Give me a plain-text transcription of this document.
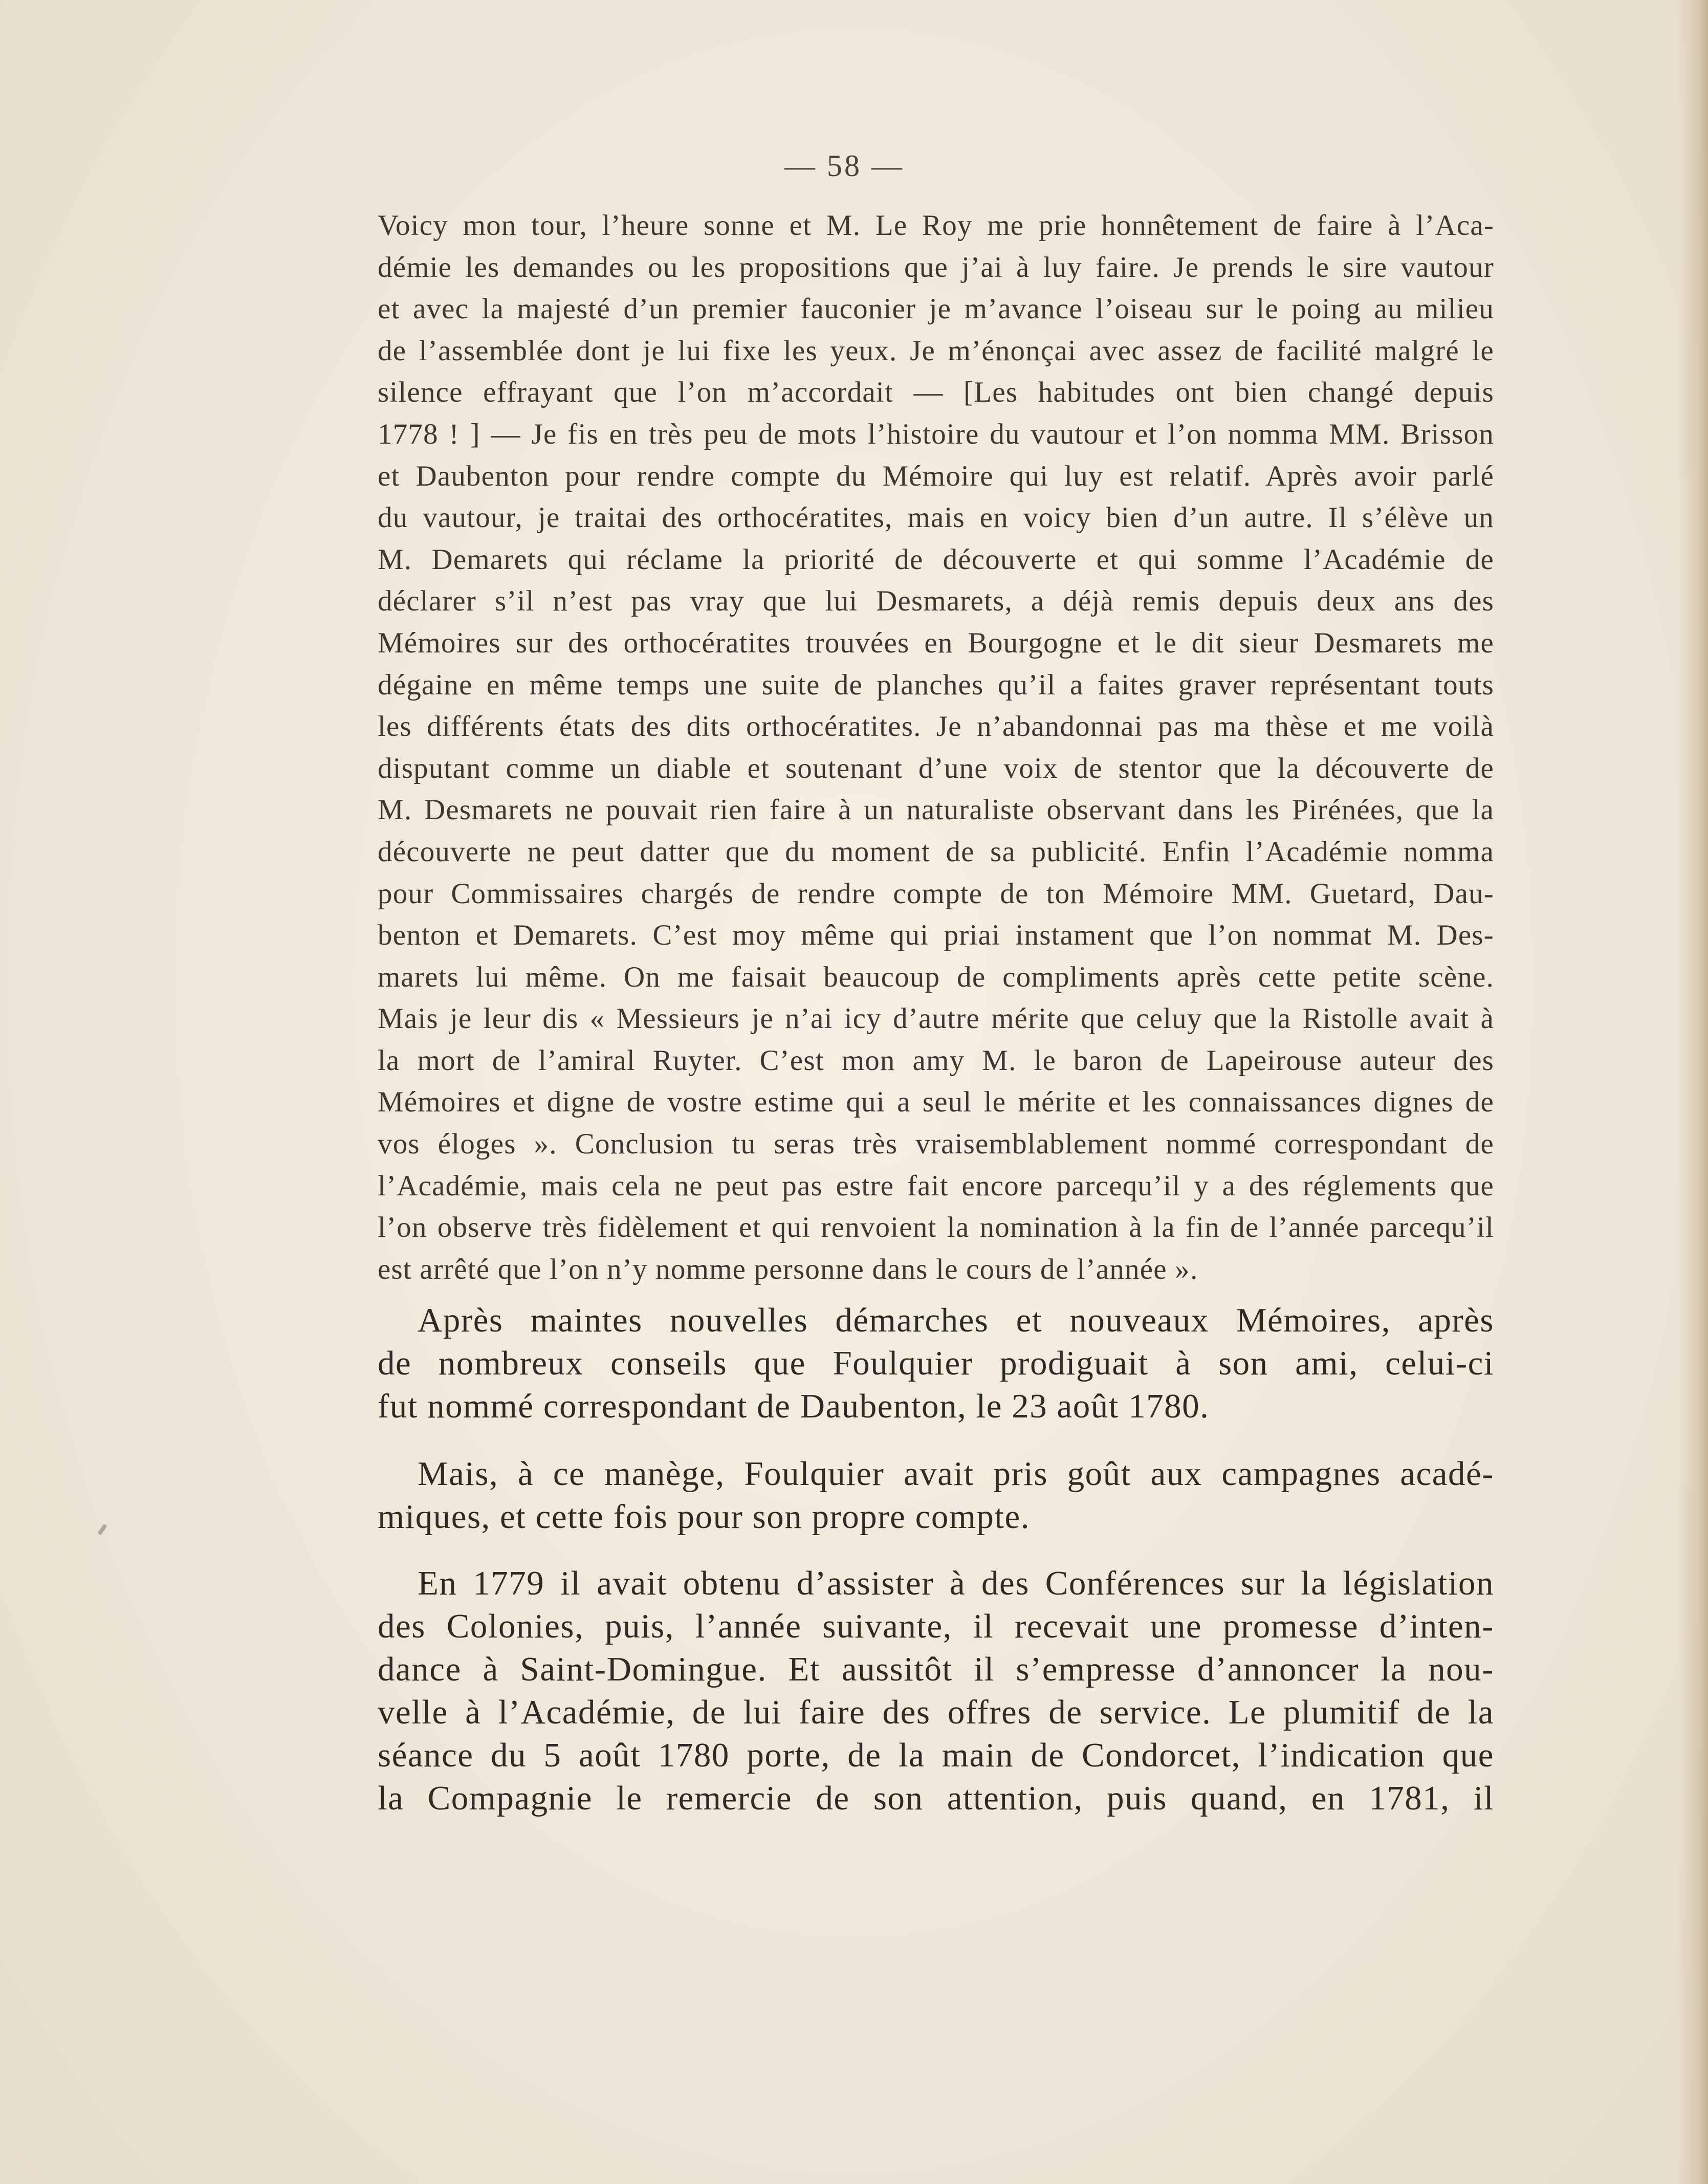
— 58 —
Voicy mon tour, l’heure sonne et M. Le Roy me prie honnêtement de faire à l’Aca-
démie les demandes ou les propositions que j’ai à luy faire. Je prends le sire vautour
et avec la majesté d’un premier fauconier je m’avance l’oiseau sur le poing au milieu
de l’assemblée dont je lui fixe les yeux. Je m’énonçai avec assez de facilité malgré le
silence effrayant que l’on m’accordait — [Les habitudes ont bien changé depuis
1778 ! ] — Je fis en très peu de mots l’histoire du vautour et l’on nomma MM. Brisson
et Daubenton pour rendre compte du Mémoire qui luy est relatif. Après avoir parlé
du vautour, je traitai des orthocératites, mais en voicy bien d’un autre. Il s’élève un
M. Demarets qui réclame la priorité de découverte et qui somme l’Académie de
déclarer s’il n’est pas vray que lui Desmarets, a déjà remis depuis deux ans des
Mémoires sur des orthocératites trouvées en Bourgogne et le dit sieur Desmarets me
dégaine en même temps une suite de planches qu’il a faites graver représentant touts
les différents états des dits orthocératites. Je n’abandonnai pas ma thèse et me voilà
disputant comme un diable et soutenant d’une voix de stentor que la découverte de
M. Desmarets ne pouvait rien faire à un naturaliste observant dans les Pirénées, que la
découverte ne peut datter que du moment de sa publicité. Enfin l’Académie nomma
pour Commissaires chargés de rendre compte de ton Mémoire MM. Guetard, Dau-
benton et Demarets. C’est moy même qui priai instament que l’on nommat M. Des-
marets lui même. On me faisait beaucoup de compliments après cette petite scène.
Mais je leur dis « Messieurs je n’ai icy d’autre mérite que celuy que la Ristolle avait à
la mort de l’amiral Ruyter. C’est mon amy M. le baron de Lapeirouse auteur des
Mémoires et digne de vostre estime qui a seul le mérite et les connaissances dignes de
vos éloges ». Conclusion tu seras très vraisemblablement nommé correspondant de
l’Académie, mais cela ne peut pas estre fait encore parcequ’il y a des réglements que
l’on observe très fidèlement et qui renvoient la nomination à la fin de l’année parcequ’il
est arrêté que l’on n’y nomme personne dans le cours de l’année ».
Après maintes nouvelles démarches et nouveaux Mémoires, après
de nombreux conseils que Foulquier prodiguait à son ami, celui-ci
fut nommé correspondant de Daubenton, le 23 août 1780.
Mais, à ce manège, Foulquier avait pris goût aux campagnes acadé-
miques, et cette fois pour son propre compte.
En 1779 il avait obtenu d’assister à des Conférences sur la législation
des Colonies, puis, l’année suivante, il recevait une promesse d’inten-
dance à Saint-Domingue. Et aussitôt il s’empresse d’annoncer la nou-
velle à l’Académie, de lui faire des offres de service. Le plumitif de la
séance du 5 août 1780 porte, de la main de Condorcet, l’indication que
la Compagnie le remercie de son attention, puis quand, en 1781, il
